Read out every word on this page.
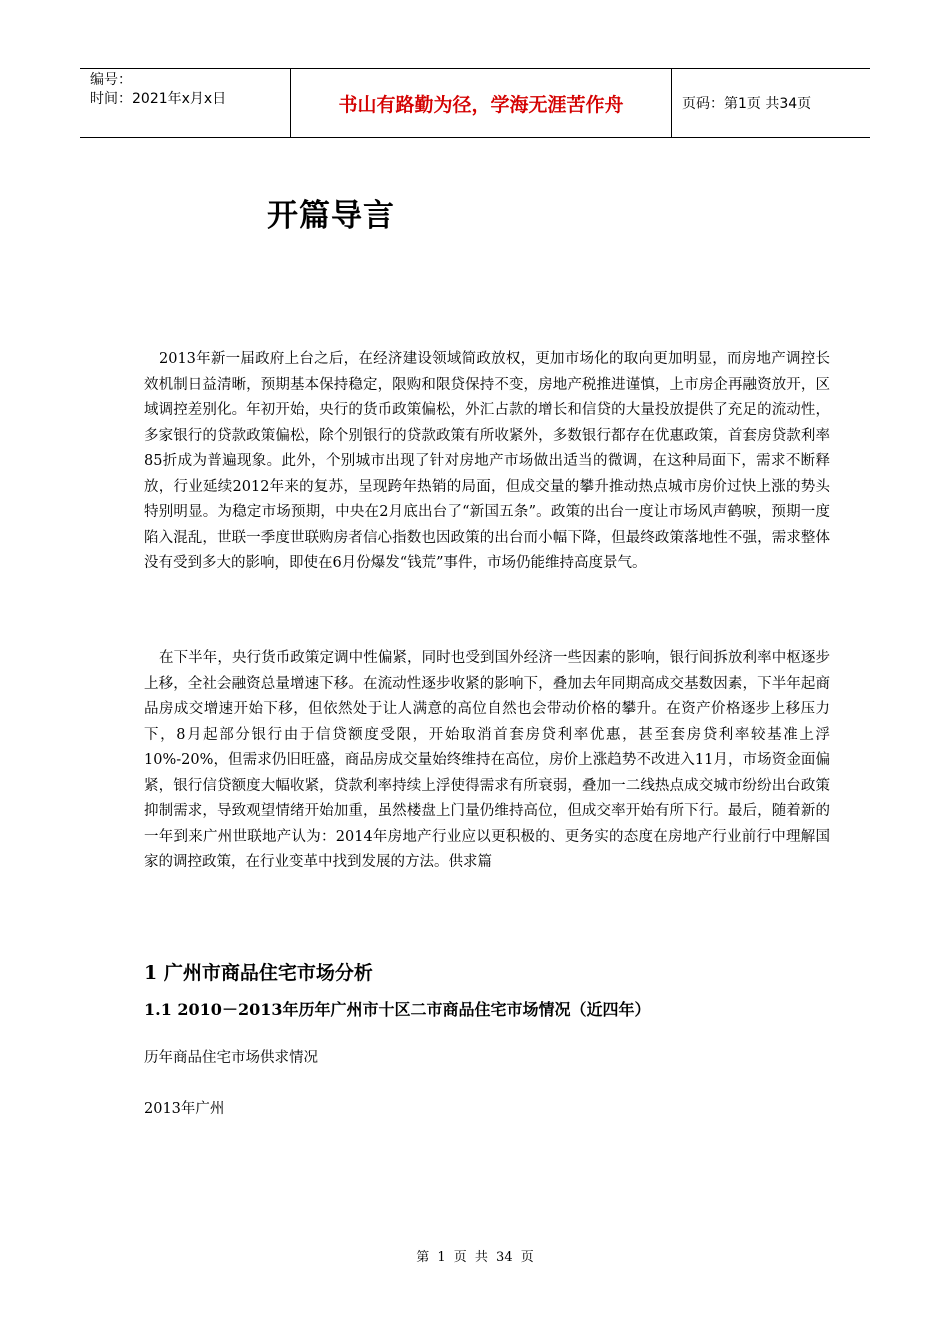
编号：
时间：2021年x月x日	书山有路勤为径，学海无涯苦作舟	页码：第1页 共34页
开篇导言

2013年新一届政府上台之后，在经济建设领域简政放权，更加市场化的取向更加明显，而房地产调控长效机制日益清晰，预期基本保持稳定，限购和限贷保持不变，房地产税推进谨慎，上市房企再融资放开，区域调控差别化。年初开始，央行的货币政策偏松，外汇占款的增长和信贷的大量投放提供了充足的流动性，多家银行的贷款政策偏松，除个别银行的贷款政策有所收紧外，多数银行都存在优惠政策，首套房贷款利率85折成为普遍现象。此外，个别城市出现了针对房地产市场做出适当的微调，在这种局面下，需求不断释放，行业延续2012年来的复苏，呈现跨年热销的局面，但成交量的攀升推动热点城市房价过快上涨的势头特别明显。为稳定市场预期，中央在2月底出台了“新国五条”。政策的出台一度让市场风声鹤唳，预期一度陷入混乱，世联一季度世联购房者信心指数也因政策的出台而小幅下降，但最终政策落地性不强，需求整体没有受到多大的影响，即使在6月份爆发“钱荒”事件，市场仍能维持高度景气。

在下半年，央行货币政策定调中性偏紧，同时也受到国外经济一些因素的影响，银行间拆放利率中枢逐步上移，全社会融资总量增速下移。在流动性逐步收紧的影响下，叠加去年同期高成交基数因素，下半年起商品房成交增速开始下移，但依然处于让人满意的高位自然也会带动价格的攀升。在资产价格逐步上移压力下，8月起部分银行由于信贷额度受限，开始取消首套房贷利率优惠，甚至套房贷利率较基准上浮10%-20%，但需求仍旧旺盛，商品房成交量始终维持在高位，房价上涨趋势不改进入11月，市场资金面偏紧，银行信贷额度大幅收紧，贷款利率持续上浮使得需求有所衰弱，叠加一二线热点成交城市纷纷出台政策抑制需求，导致观望情绪开始加重，虽然楼盘上门量仍维持高位，但成交率开始有所下行。最后，随着新的一年到来广州世联地产认为：2014年房地产行业应以更积极的、更务实的态度在房地产行业前行中理解国家的调控政策，在行业变革中找到发展的方法。供求篇

1 广州市商品住宅市场分析
1.1 2010－2013年历年广州市十区二市商品住宅市场情况（近四年）

历年商品住宅市场供求情况

2013年广州

第 1 页 共 34 页
